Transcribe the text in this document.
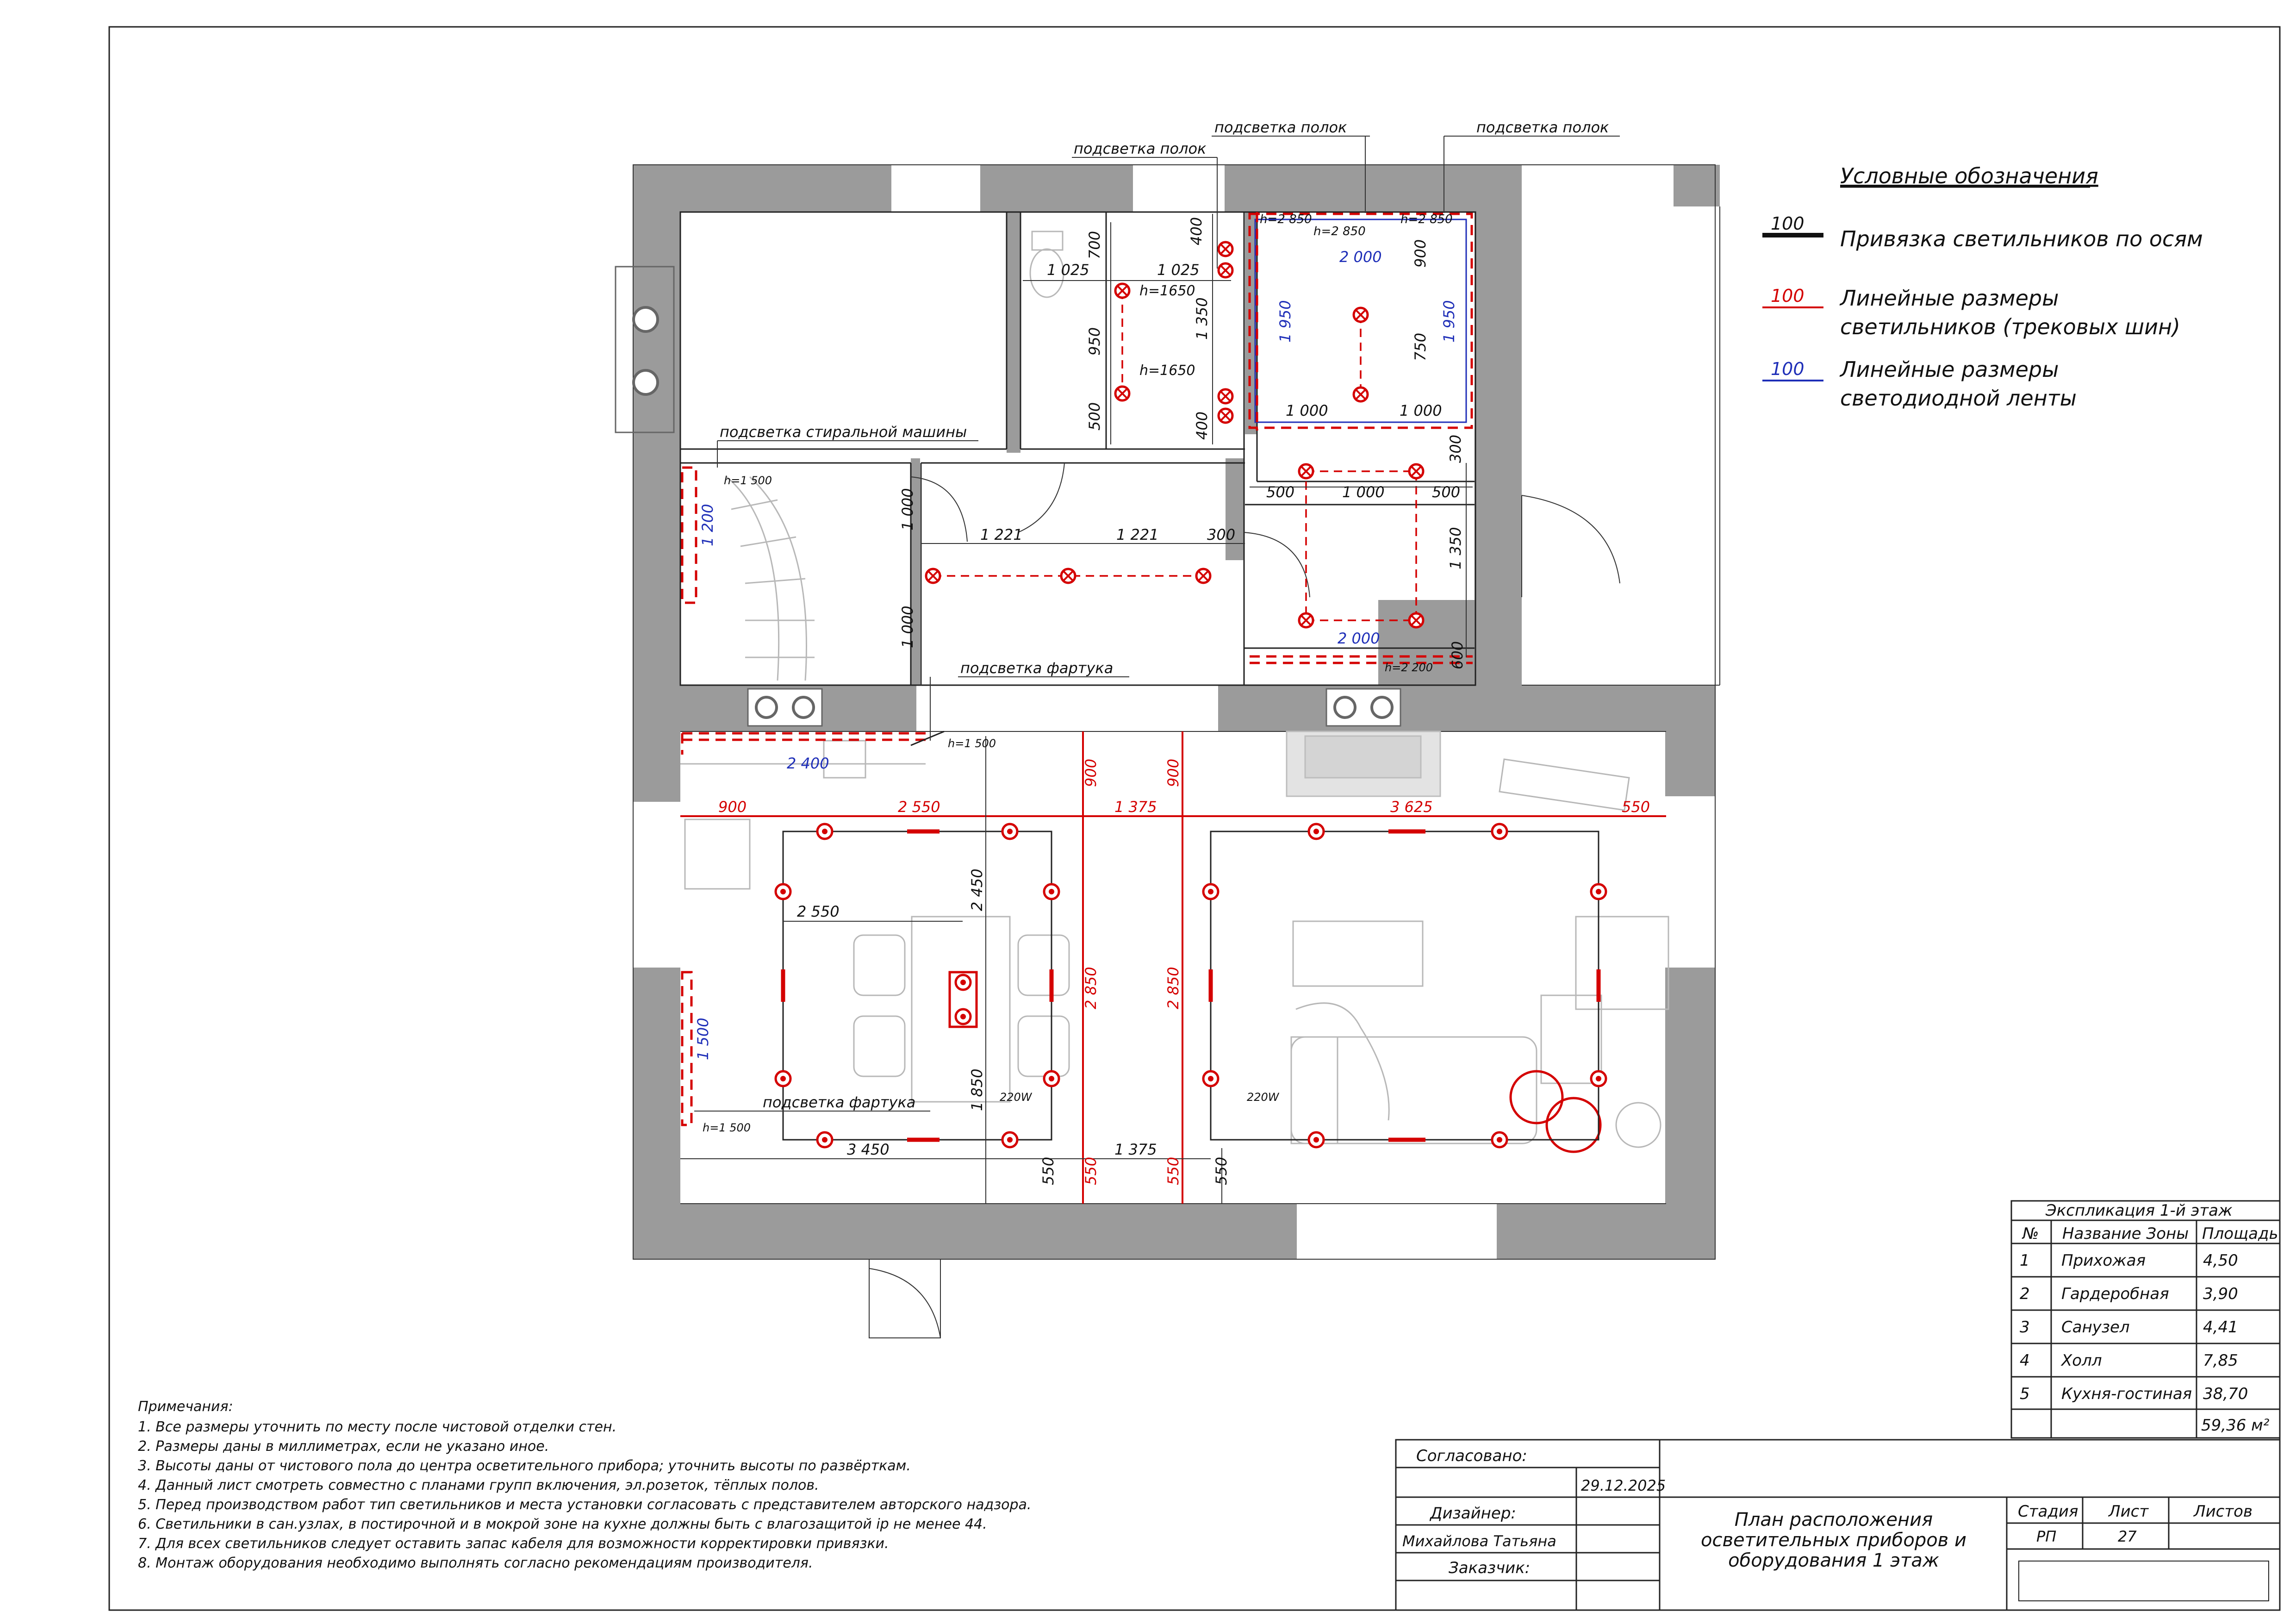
подсветка полок
подсветка полок	подсветка полок
подсветка стиральной машины
подсветка фартука
подсветка фартука
h=2 850
h=2 850
h=2 850
h=1650
h=1650
h=1 500
h=1 500
h=1 500
h=2 200
220W	220W
1 025	1 025
700	400
950
1 350
500	400
900
750
1 000	1 000
300
500	1 000	500
1 350
1 000
1 000
1 221	1 221	300
600
2 450
2 550
1 850
3 450	1 375
550	550
900	2 550	1 375	3 625	550
900	900
2 850	2 850
550	550
2 000
1 950	1 950
1 200
2 000
2 400
1 500
Условные обозначения
100
Привязка светильников по осям
100 Линейные размеры
светильников (трековых шин)
100 Линейные размеры
светодиодной ленты
Экспликация 1-й этаж
№ Название Зоны Площадь
1 Прихожая	4,50
2 Гардеробная 3,90
3 Санузел	4,41
4 Холл	7,85
5 Кухня-гостиная 38,70
59,36 м²
Примечания:
1. Все размеры уточнить по месту после чистовой отделки стен.
2. Размеры даны в миллиметрах, если не указано иное.
3. Высоты даны от чистового пола до центра осветительного прибора; уточнить высоты по развёрткам.
4. Данный лист смотреть совместно с планами групп включения, эл.розеток, тёплых полов.
5. Перед производством работ тип светильников и места установки согласовать с представителем авторского надзора.
6. Светильники в сан.узлах, в постирочной и в мокрой зоне на кухне должны быть с влагозащитой ip не менее 44.
7. Для всех светильников следует оставить запас кабеля для возможности корректировки привязки.
8. Монтаж оборудования необходимо выполнять согласно рекомендациям производителя.
Согласовано:
29.12.2025
Дизайнер:
Михайлова Татьяна
Заказчик:
План расположения
осветительных приборов и
оборудования 1 этаж
Стадия
РП
Лист
27
Листов
